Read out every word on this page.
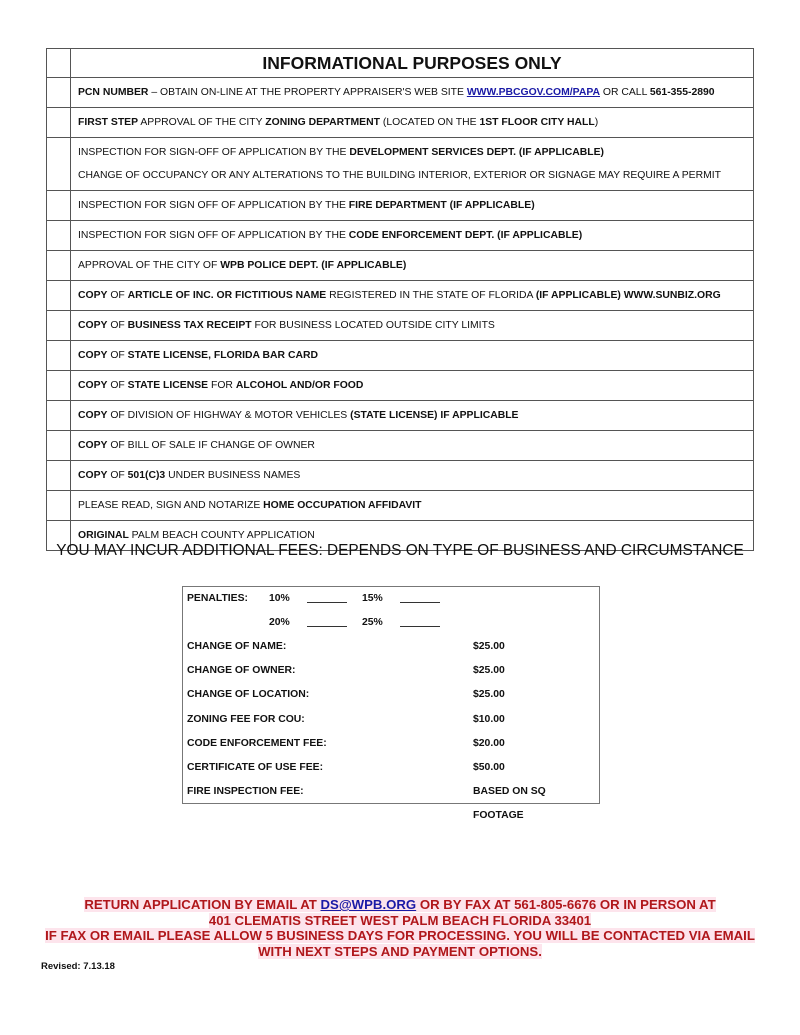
INFORMATIONAL PURPOSES ONLY
PCN NUMBER – OBTAIN ON-LINE AT THE PROPERTY APPRAISER'S WEB SITE WWW.PBCGOV.COM/PAPA OR CALL 561-355-2890
FIRST STEP APPROVAL OF THE CITY ZONING DEPARTMENT (LOCATED ON THE 1ST FLOOR CITY HALL)
INSPECTION FOR SIGN-OFF OF APPLICATION BY THE DEVELOPMENT SERVICES DEPT. (IF APPLICABLE)
CHANGE OF OCCUPANCY OR ANY ALTERATIONS TO THE BUILDING INTERIOR, EXTERIOR OR SIGNAGE MAY REQUIRE A PERMIT
INSPECTION FOR SIGN OFF OF APPLICATION BY THE FIRE DEPARTMENT (IF APPLICABLE)
INSPECTION FOR SIGN OFF OF APPLICATION BY THE CODE ENFORCEMENT DEPT. (IF APPLICABLE)
APPROVAL OF THE CITY OF WPB POLICE DEPT. (IF APPLICABLE)
COPY OF ARTICLE OF INC. OR FICTITIOUS NAME REGISTERED IN THE STATE OF FLORIDA (IF APPLICABLE) WWW.SUNBIZ.ORG
COPY OF BUSINESS TAX RECEIPT FOR BUSINESS LOCATED OUTSIDE CITY LIMITS
COPY OF STATE LICENSE, FLORIDA BAR CARD
COPY OF STATE LICENSE FOR ALCOHOL AND/OR FOOD
COPY OF DIVISION OF HIGHWAY & MOTOR VEHICLES (STATE LICENSE) IF APPLICABLE
COPY OF BILL OF SALE IF CHANGE OF OWNER
COPY OF 501(C)3 UNDER BUSINESS NAMES
PLEASE READ, SIGN AND NOTARIZE HOME OCCUPATION AFFIDAVIT
ORIGINAL PALM BEACH COUNTY APPLICATION
YOU MAY INCUR ADDITIONAL FEES: DEPENDS ON TYPE OF BUSINESS AND CIRCUMSTANCE
PENALTIES: 10%	15%
20%	25%
CHANGE OF NAME:	$25.00
CHANGE OF OWNER:	$25.00
CHANGE OF LOCATION:	$25.00
ZONING FEE FOR COU:	$10.00
CODE ENFORCEMENT FEE:	$20.00
CERTIFICATE OF USE FEE:	$50.00
FIRE INSPECTION FEE:	BASED ON SQ FOOTAGE
RETURN APPLICATION BY EMAIL AT DS@WPB.ORG OR BY FAX AT 561-805-6676 OR IN PERSON AT
401 CLEMATIS STREET WEST PALM BEACH FLORIDA 33401
IF FAX OR EMAIL PLEASE ALLOW 5 BUSINESS DAYS FOR PROCESSING. YOU WILL BE CONTACTED VIA EMAIL
WITH NEXT STEPS AND PAYMENT OPTIONS.
Revised: 7.13.18
